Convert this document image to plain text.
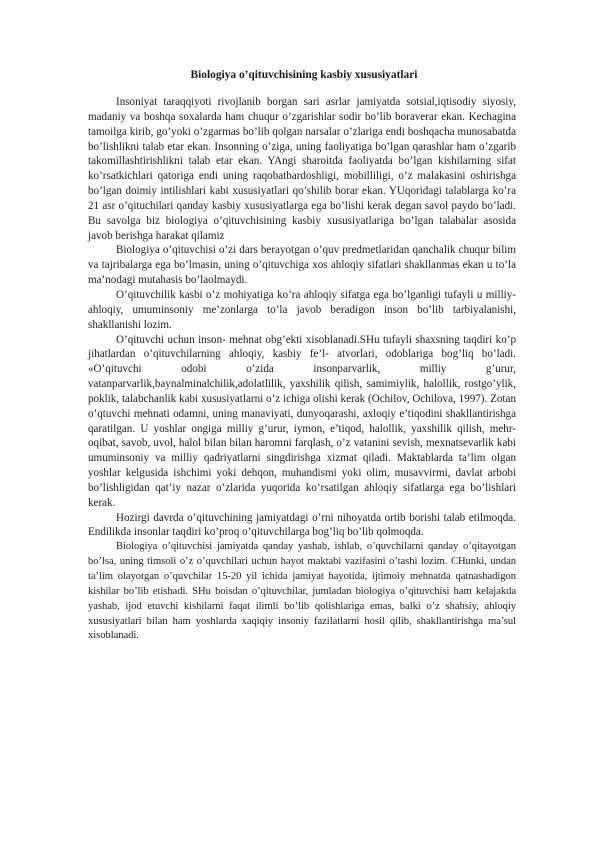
Biologiya o’qituvchisining kasbiy xususiyatlari

Insoniyat taraqqiyoti rivojlanib borgan sari asrlar jamiyatda sotsial,iqtisodiy siyosiy, madaniy va boshqa soxalarda ham chuqur o’zgarishlar sodir bo’lib boraverar ekan. Kechagina tamoilga kirib, go’yoki o’zgarmas bo’lib qolgan narsalar o’zlariga endi boshqacha munosabatda bo’lishlikni talab etar ekan. Insonning o’ziga, uning faoliyatiga bo’lgan qarashlar ham o’zgarib takomillashtirishlikni talab etar ekan. YAngi sharoitda faoliyatda bo’lgan kishilarning sifat ko’rsatkichlari qatoriga endi uning raqobatbardoshligi, mobilliligi, o’z malakasini oshirishga bo’lgan doimiy intilishlari kabi xususiyatlari qo’shilib borar ekan. YUqoridagi talablarga ko’ra 21 asr o’qituchilari qanday kasbiy xususiyatlarga ega bo’lishi kerak degan savol paydo bo’ladi. Bu savolga biz biologiya o’qituvchisining kasbiy xususiyatlariga bo’lgan talabalar asosida javob berishga harakat qilamiz

Biologiya o’qituvchisi o’zi dars berayotgan o’quv predmetlaridan qanchalik chuqur bilim va tajribalarga ega bo’lmasin, uning o’qituvchiga xos ahloqiy sifatlari shakllanmas ekan u to’la ma’nodagi mutahasis bo’laolmaydi.

O’qituvchilik kasbi o’z mohiyatiga ko’ra ahloqiy sifatga ega bo’lganligi tufayli u milliy-ahloqiy, umuminsoniy me’zonlarga to’la javob beradigon inson bo’lib tarbiyalanishi, shakllanishi lozim.

O’qituvchi uchun inson- mehnat obg’ekti xisoblanadi.SHu tufayli shaxsning taqdiri ko’p jihatlardan o’qituvchilarning ahloqiy, kasbiy fe’l- atvorlari, odoblariga bog’liq bo’ladi. «O’qituvchi odobi o’zida insonparvarlik, milliy g’urur, vatanparvarlik,baynalminalchilik,adolatlilik, yaxshilik qilish, samimiylik, halollik, rostgo’ylik, poklik, talabchanlik kabi xususiyatlarni o’z ichiga olishi kerak (Ochilov, Ochilova, 1997). Zotan o’qtuvchi mehnati odamni, uning manaviyati, dunyoqarashi, axloqiy e’tiqodini shakllantirishga qaratilgan. U yoshlar ongiga milliy g’urur, iymon, e’tiqod, halollik, yaxshilik qilish, mehr-oqibat, savob, uvol, halol bilan bilan haromni farqlash, o’z vatanini sevish, mexnatsevarlik kabi umuminsoniy va milliy qadriyatlarni singdirishga xizmat qiladi. Maktablarda ta’lim olgan yoshlar kelgusida ishchimi yoki dehqon, muhandismi yoki olim, musavvirmi, davlat arbobi bo’lishligidan qat’iy nazar o’zlarida yuqorida ko’rsatilgan ahloqiy sifatlarga ega bo’lishlari kerak.

Hozirgi davrda o’qituvchining jamiyatdagi o’rni nihoyatda ortib borishi talab etilmoqda. Endilikda insonlar taqdiri ko’proq o’qituvchilarga bog’liq bo’lib qolmoqda.

Biologiya o’qituvchisi jamiyatda qanday yashab, ishlab, o’quvchilarni qanday o’qitayotgan bo’lsa, uning timsoli o’z o’quvchilari uchun hayot maktabi vazifasini o’tashi lozim. CHunki, undan ta’lim olayotgan o’quvchilar 15-20 yil ichida jamiyat hayotida, ijtimoiy mehnatda qatnashadigon kishilar bo’lib etishadi. SHu boisdan o’qituvchilar, jumladan biologiya o’qituvchisi ham kelajakda yashab, ijod etuvchi kishilarni faqat ilimli bo’lib qolishlariga emas, balki o’z shahsiy, ahloqiy xususiyatlari bilan ham yoshlarda xaqiqiy insoniy fazilatlarni hosil qilib, shakllantirishga ma’sul xisoblanadi.
